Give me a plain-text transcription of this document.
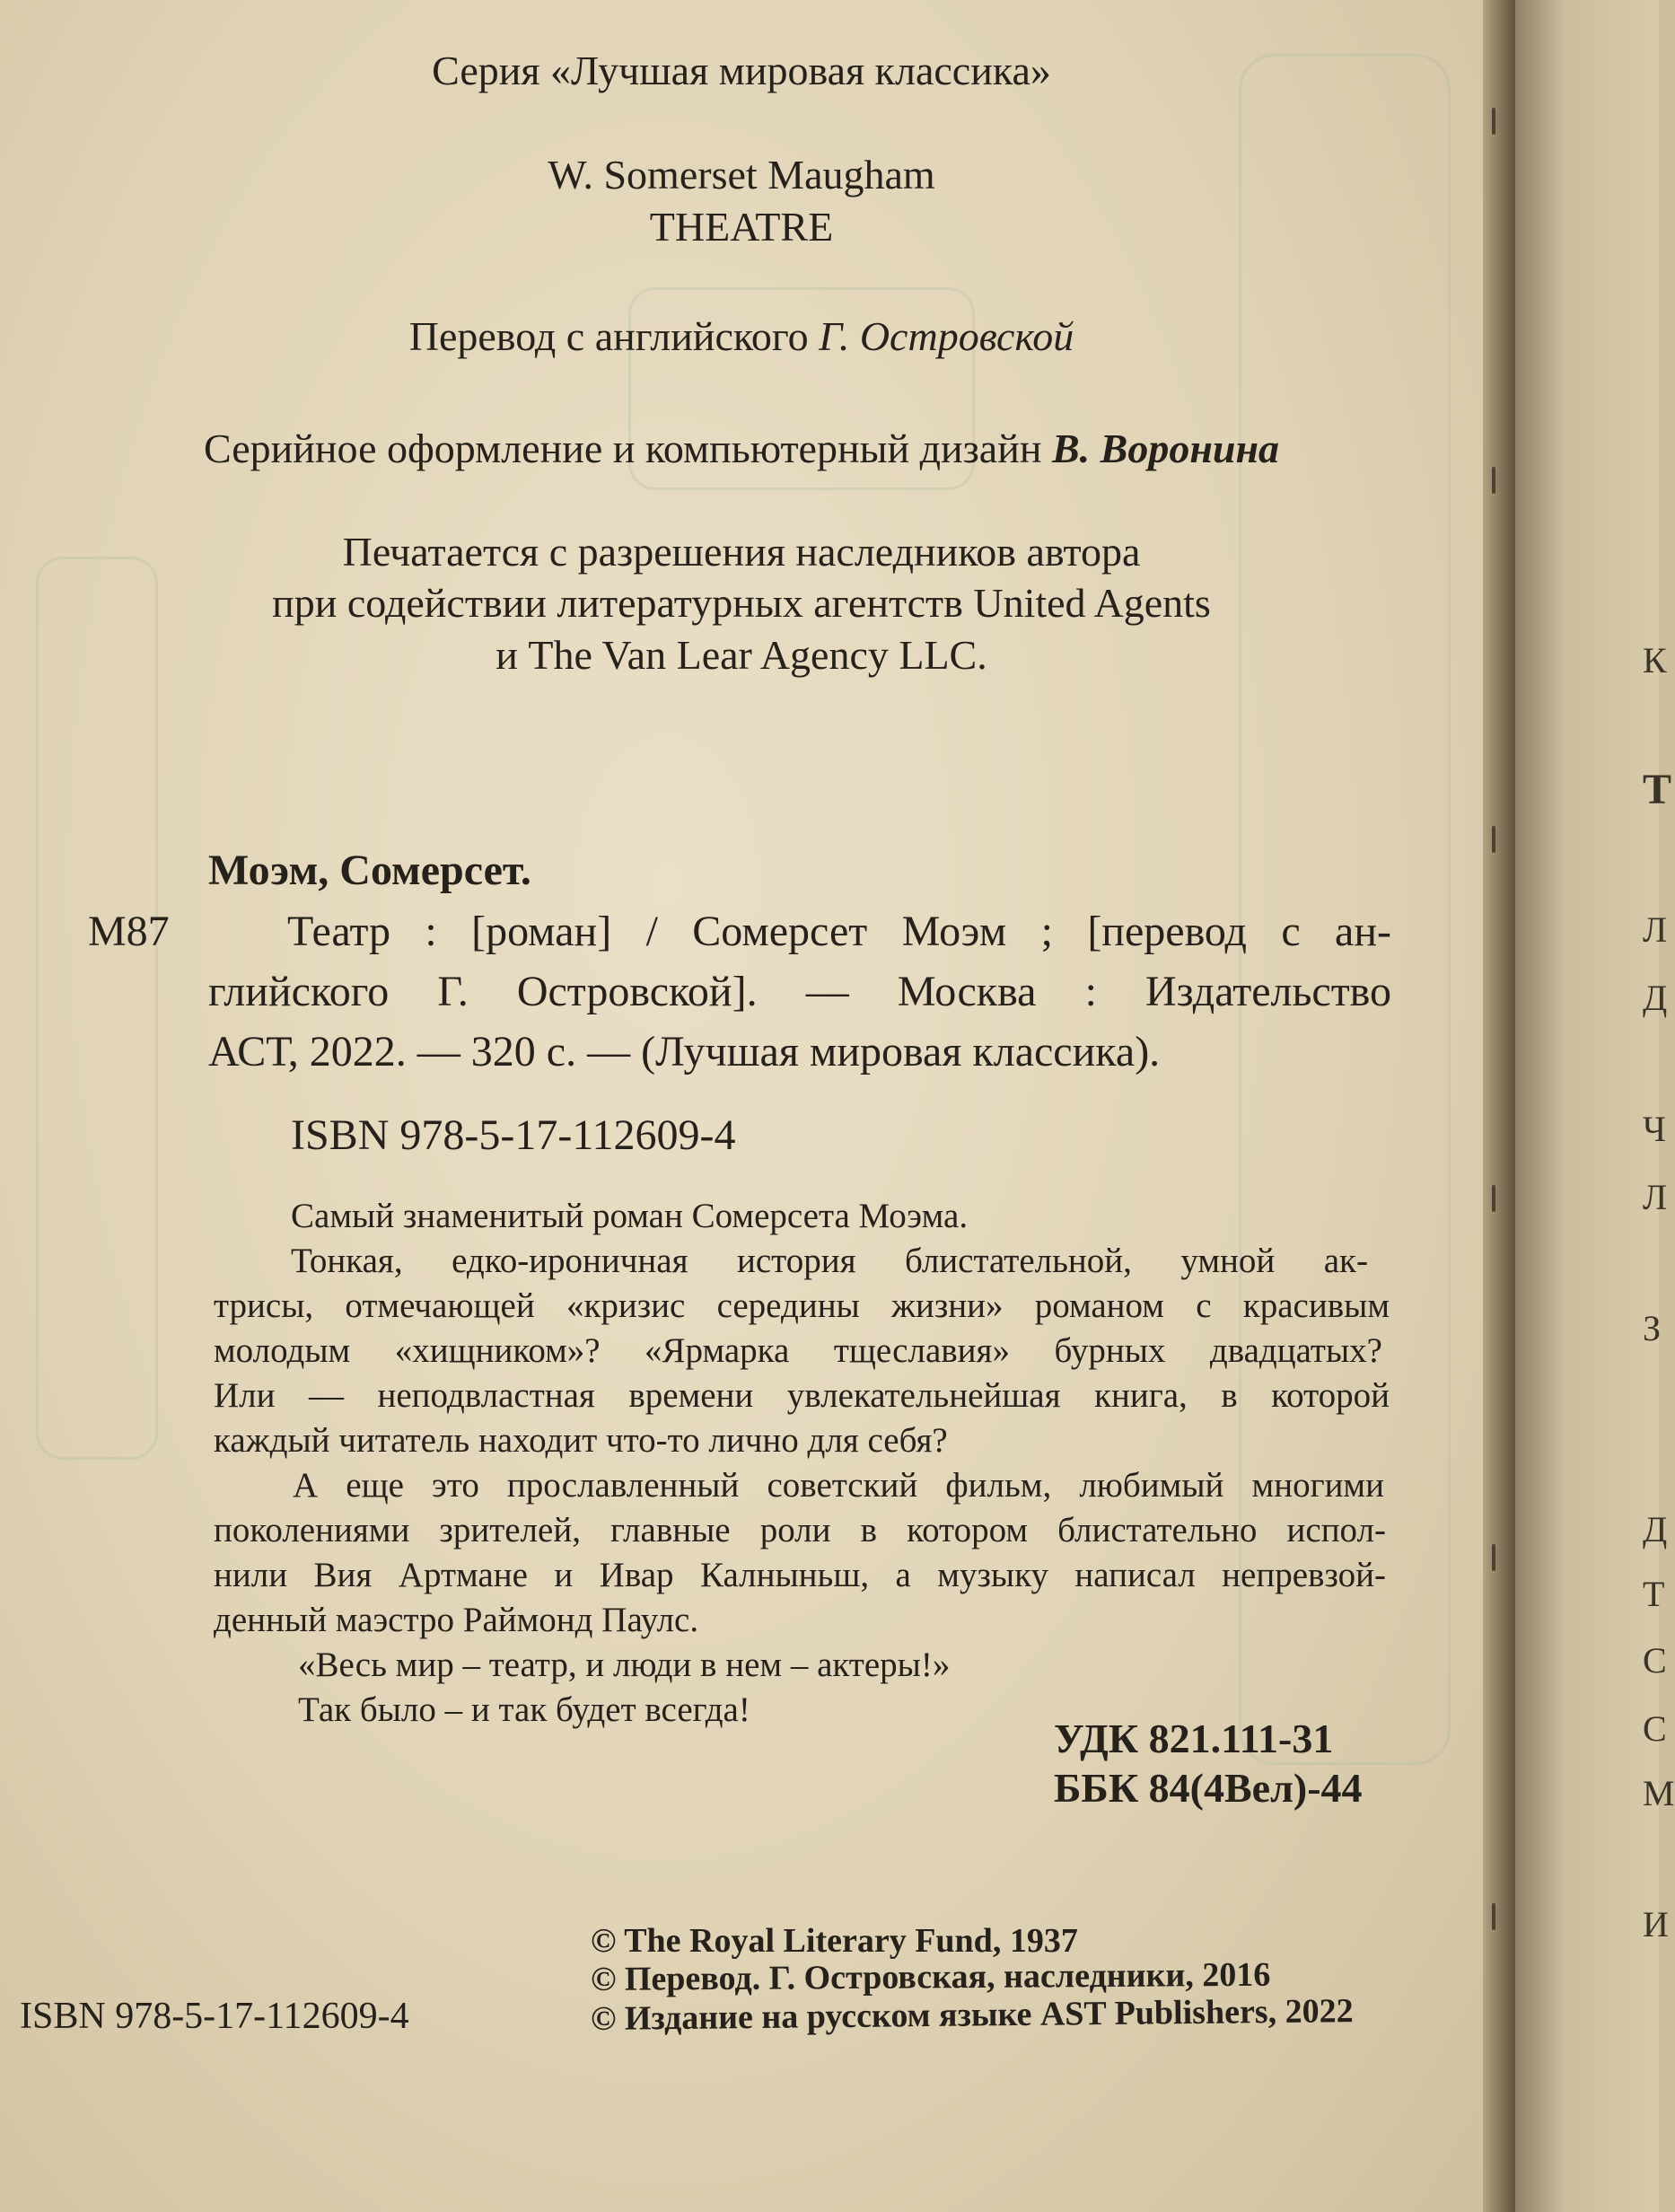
Серия «Лучшая мировая классика»
W. Somerset Maugham
THEATRE
Перевод с английского Г. Островской
Серийное оформление и компьютерный дизайн В. Воронина
Печатается с разрешения наследников автора
при содействии литературных агентств United Agents
и The Van Lear Agency LLC.
Моэм, Сомерсет.
М87	Театр : [роман] / Сомерсет Моэм ; [перевод с ан-
глийского Г. Островской]. — Москва : Издательство
АСТ, 2022. — 320 с. — (Лучшая мировая классика).
ISBN 978-5-17-112609-4
Самый знаменитый роман Сомерсета Моэма.
Тонкая, едко-ироничная история блистательной, умной ак-
трисы, отмечающей «кризис середины жизни» романом с красивым
молодым «хищником»? «Ярмарка тщеславия» бурных двадцатых?
Или — неподвластная времени увлекательнейшая книга, в которой
каждый читатель находит что-то лично для себя?
А еще это прославленный советский фильм, любимый многими
поколениями зрителей, главные роли в котором блистательно испол-
нили Вия Артмане и Ивар Калныньш, а музыку написал непревзой-
денный маэстро Раймонд Паулс.
«Весь мир – театр, и люди в нем – актеры!»
Так было – и так будет всегда!
УДК 821.111-31
ББК 84(4Вел)-44
ISBN 978-5-17-112609-4
© The Royal Literary Fund, 1937
© Перевод. Г. Островская, наследники, 2016
© Издание на русском языке AST Publishers, 2022
К
Т
Л
Д
Ч
Л
З
Д
Т
С
С
М
И
